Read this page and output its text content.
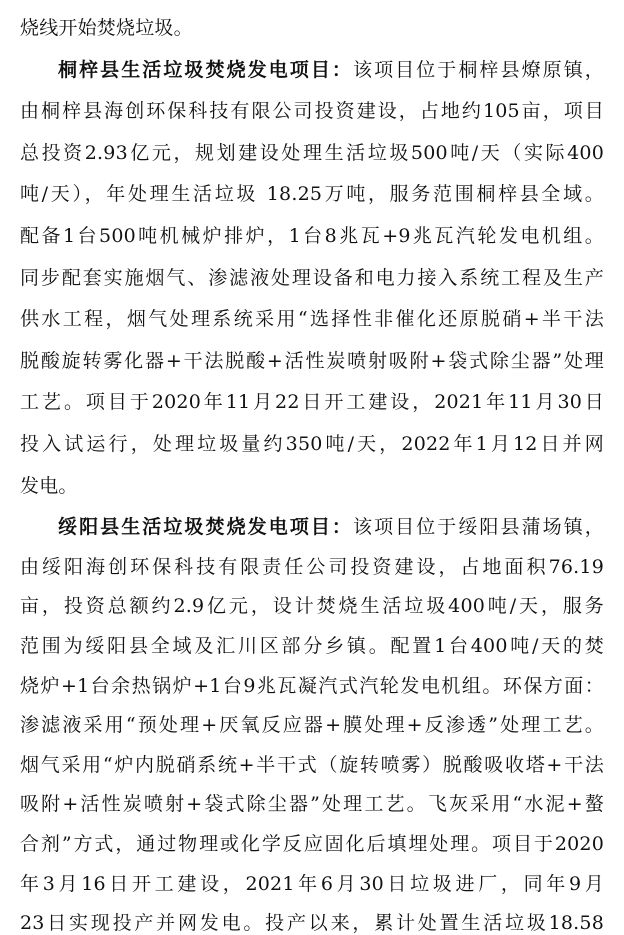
烧线开始焚烧垃圾。
桐梓县生活垃圾焚烧发电项目：该项目位于桐梓县燎原镇，
由桐梓县海创环保科技有限公司投资建设，占地约105亩，项目
总投资2.93亿元，规划建设处理生活垃圾500吨/天（实际400
吨/天），年处理生活垃圾 18.25万吨，服务范围桐梓县全域。
配备1台500吨机械炉排炉，1台8兆瓦+9兆瓦汽轮发电机组。
同步配套实施烟气、渗滤液处理设备和电力接入系统工程及生产
供水工程，烟气处理系统采用“选择性非催化还原脱硝+半干法
脱酸旋转雾化器+干法脱酸+活性炭喷射吸附+袋式除尘器”处理
工艺。项目于2020年11月22日开工建设，2021年11月30日
投入试运行，处理垃圾量约350吨/天，2022年1月12日并网
发电。
绥阳县生活垃圾焚烧发电项目：该项目位于绥阳县蒲场镇，
由绥阳海创环保科技有限责任公司投资建设，占地面积76.19
亩，投资总额约2.9亿元，设计焚烧生活垃圾400吨/天，服务
范围为绥阳县全域及汇川区部分乡镇。配置1台400吨/天的焚
烧炉+1台余热锅炉+1台9兆瓦凝汽式汽轮发电机组。环保方面：
渗滤液采用“预处理+厌氧反应器+膜处理+反渗透”处理工艺。
烟气采用“炉内脱硝系统+半干式（旋转喷雾）脱酸吸收塔+干法
吸附+活性炭喷射+袋式除尘器”处理工艺。飞灰采用“水泥+螯
合剂”方式，通过物理或化学反应固化后填埋处理。项目于2020
年3月16日开工建设，2021年6月30日垃圾进厂，同年9月
23日实现投产并网发电。投产以来，累计处置生活垃圾18.58
